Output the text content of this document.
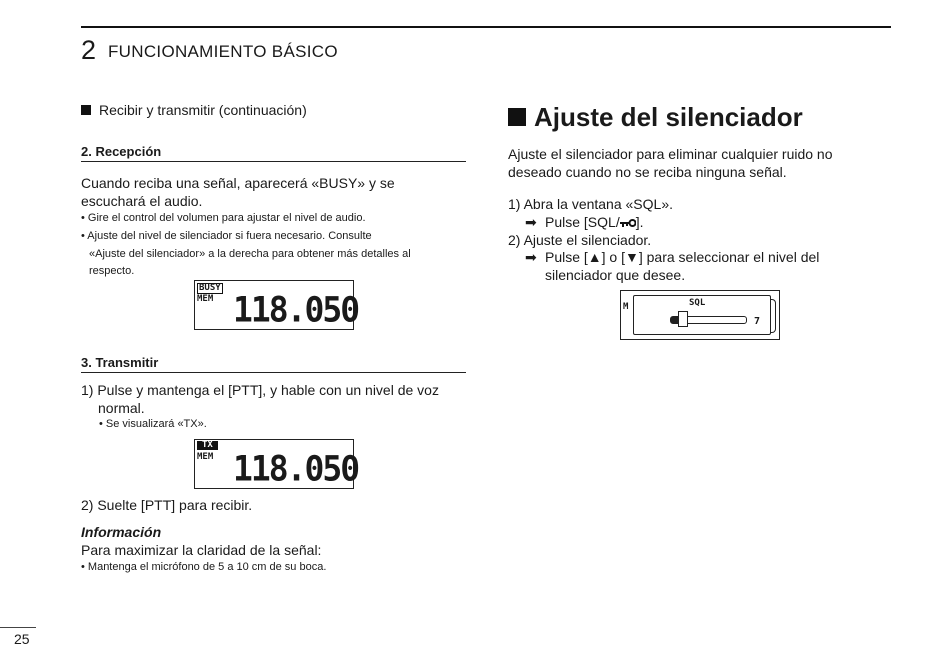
2 FUNCIONAMIENTO BÁSICO
Recibir y transmitir (continuación)
2. Recepción
Cuando reciba una señal, aparecerá «BUSY» y se
escuchará el audio.
• Gire el control del volumen para ajustar el nivel de audio.
• Ajuste del nivel de silenciador si fuera necesario. Consulte
«Ajuste del silenciador» a la derecha para obtener más detalles al
respecto.
BUSY
MEM 118.050
3. Transmitir
1) Pulse y mantenga el [PTT], y hable con un nivel de voz
normal.
• Se visualizará «TX».
TX
MEM 118.050
2) Suelte [PTT] para recibir.
Información
Para maximizar la claridad de la señal:
• Mantenga el micrófono de 5 a 10 cm de su boca.
Ajuste del silenciador
Ajuste el silenciador para eliminar cualquier ruido no
deseado cuando no se reciba ninguna señal.
1) Abra la ventana «SQL».
➡ Pulse [SQL/ ].
2) Ajuste el silenciador.
➡ Pulse [▲] o [▼] para seleccionar el nivel del
silenciador que desee.
M	SQL
7
25
